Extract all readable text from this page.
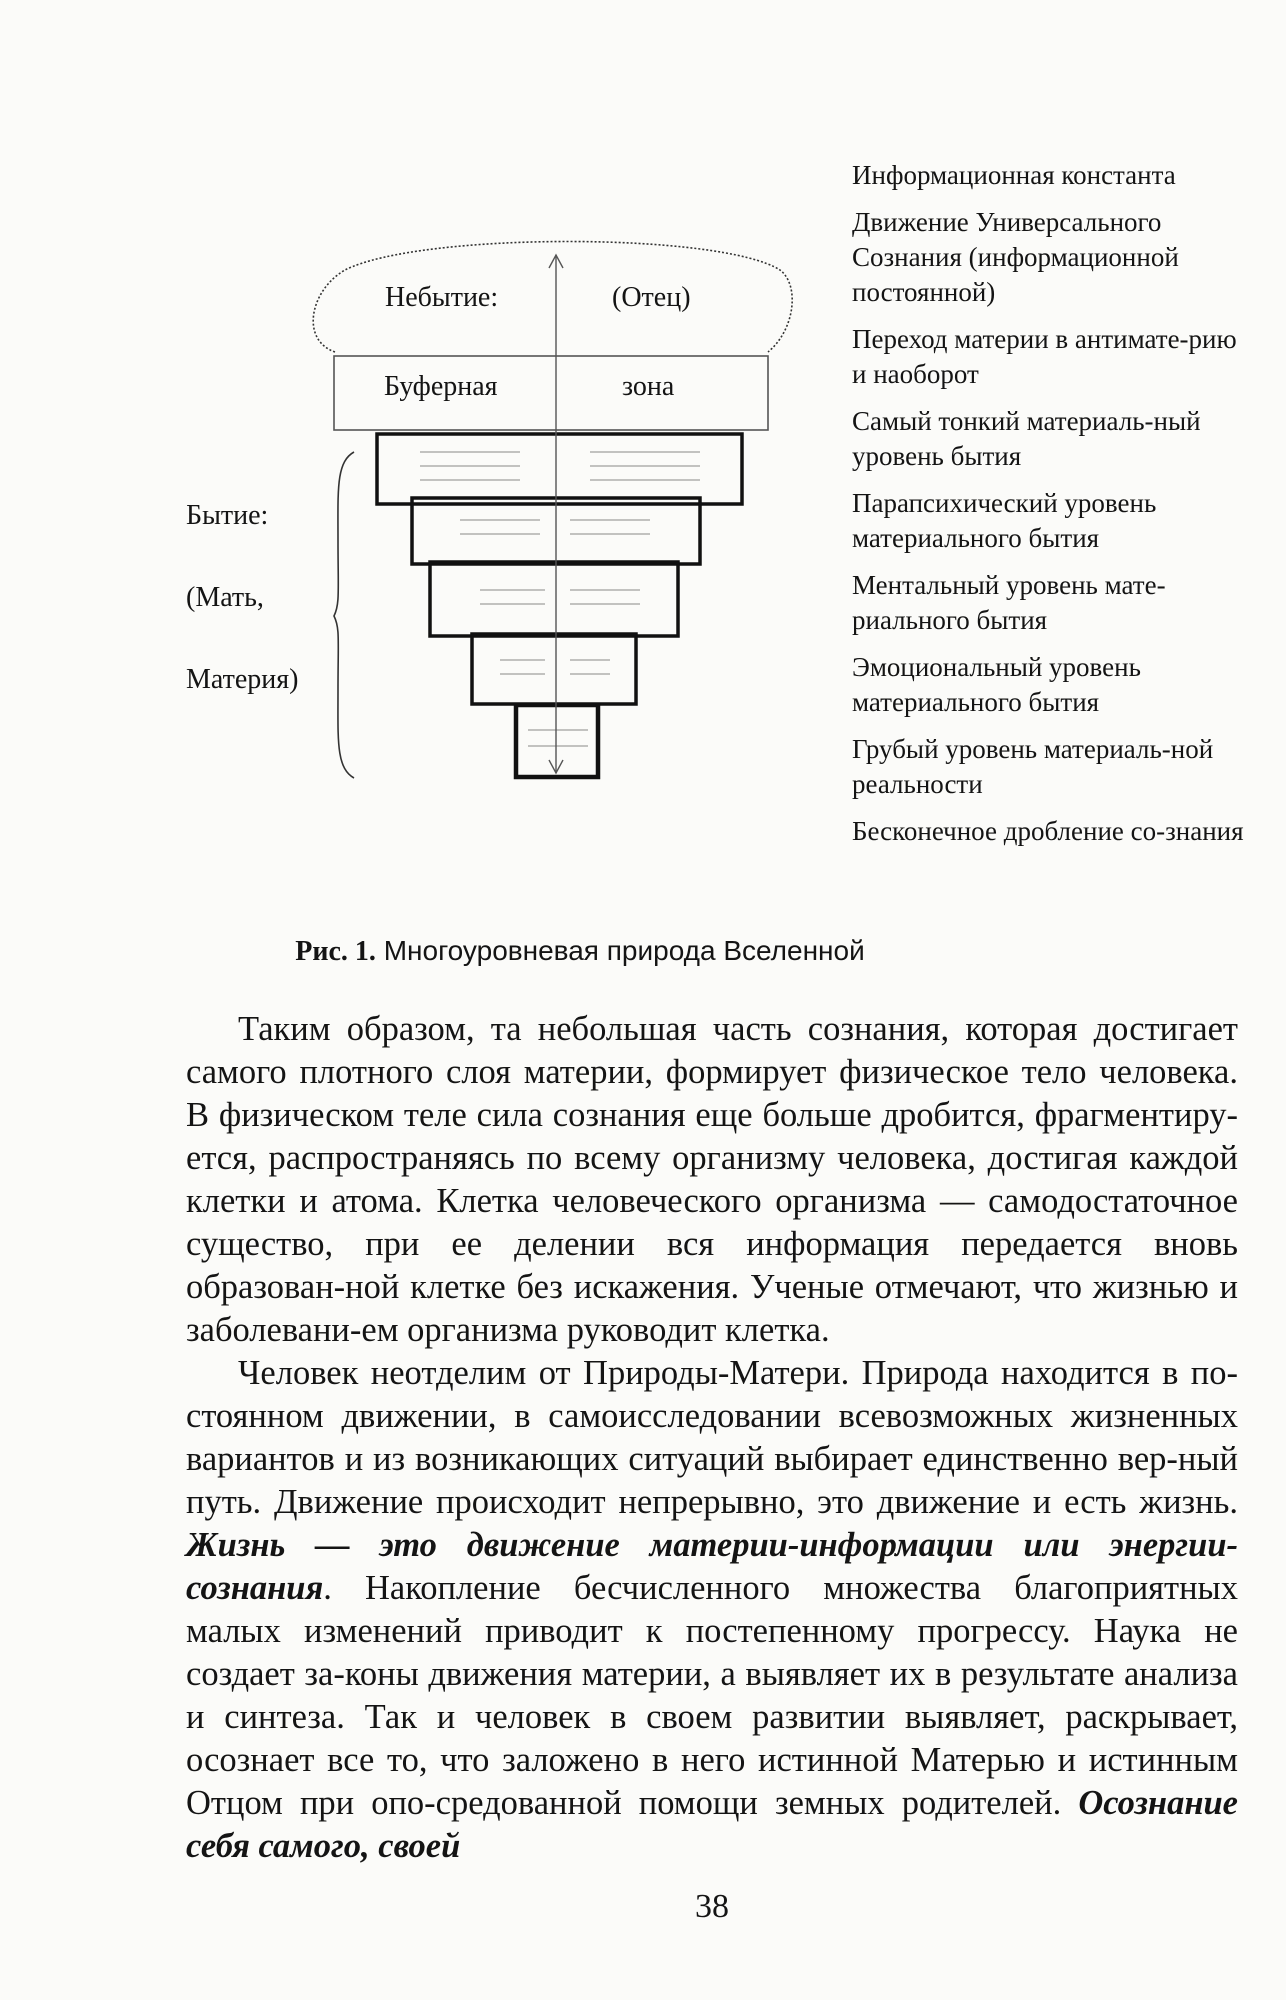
Небытие:	(Отец)
Буферная	зона
Бытие:
(Мать,
Материя)

Информационная константа

Движение Универсального Сознания (информационной постоянной)

Переход материи в антимате-рию и наоборот

Самый тонкий материаль-ный уровень бытия

Парапсихический уровень материального бытия

Ментальный уровень мате-риального бытия

Эмоциональный уровень материального бытия

Грубый уровень материаль-ной реальности

Бесконечное дробление со-знания

Рис. 1. Многоуровневая природа Вселенной

Таким образом, та небольшая часть сознания, которая достигает самого плотного слоя материи, формирует физическое тело человека. В физическом теле сила сознания еще больше дробится, фрагментиру-ется, распространяясь по всему организму человека, достигая каждой клетки и атома. Клетка человеческого организма — самодостаточное существо, при ее делении вся информация передается вновь образован-ной клетке без искажения. Ученые отмечают, что жизнью и заболевани-ем организма руководит клетка.

Человек неотделим от Природы-Матери. Природа находится в по-стоянном движении, в самоисследовании всевозможных жизненных вариантов и из возникающих ситуаций выбирает единственно вер-ный путь. Движение происходит непрерывно, это движение и есть жизнь. Жизнь — это движение материи-информации или энергии-сознания. Накопление бесчисленного множества благоприятных малых изменений приводит к постепенному прогрессу. Наука не создает за-коны движения материи, а выявляет их в результате анализа и синтеза. Так и человек в своем развитии выявляет, раскрывает, осознает все то, что заложено в него истинной Матерью и истинным Отцом при опо-средованной помощи земных родителей. Осознание себя самого, своей

38
